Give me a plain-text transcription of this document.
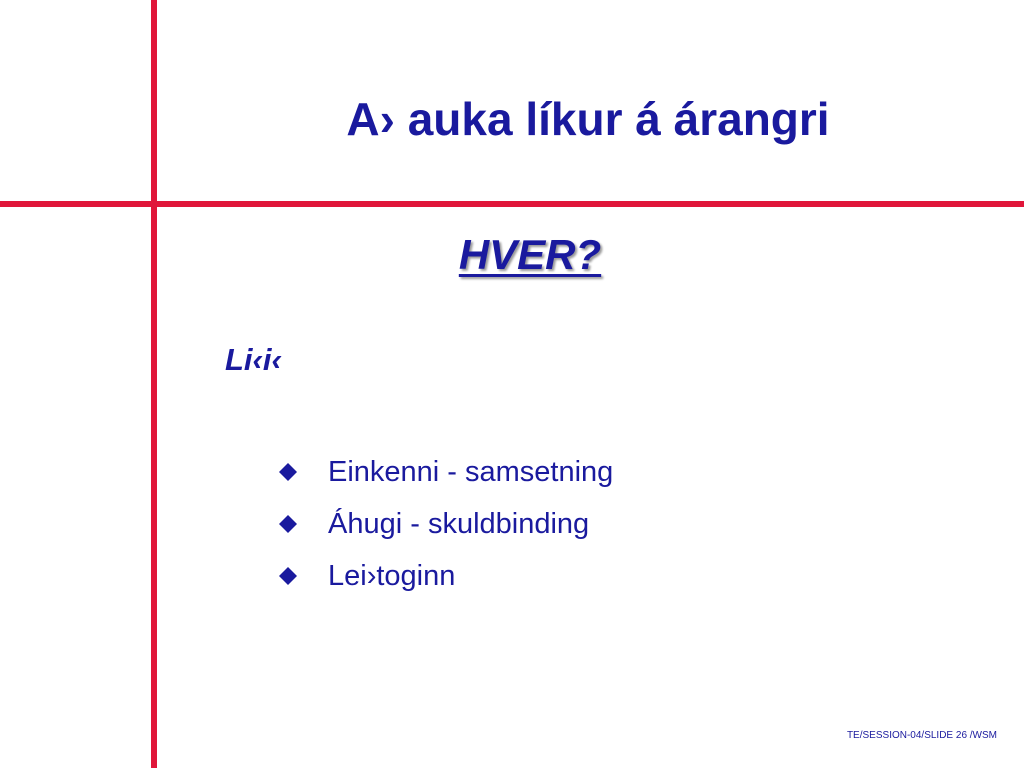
A› auka líkur á árangri
HVER?
Li‹i‹
Einkenni - samsetning
Áhugi - skuldbinding
Lei›toginn
TE/SESSION-04/SLIDE 26 /WSM
